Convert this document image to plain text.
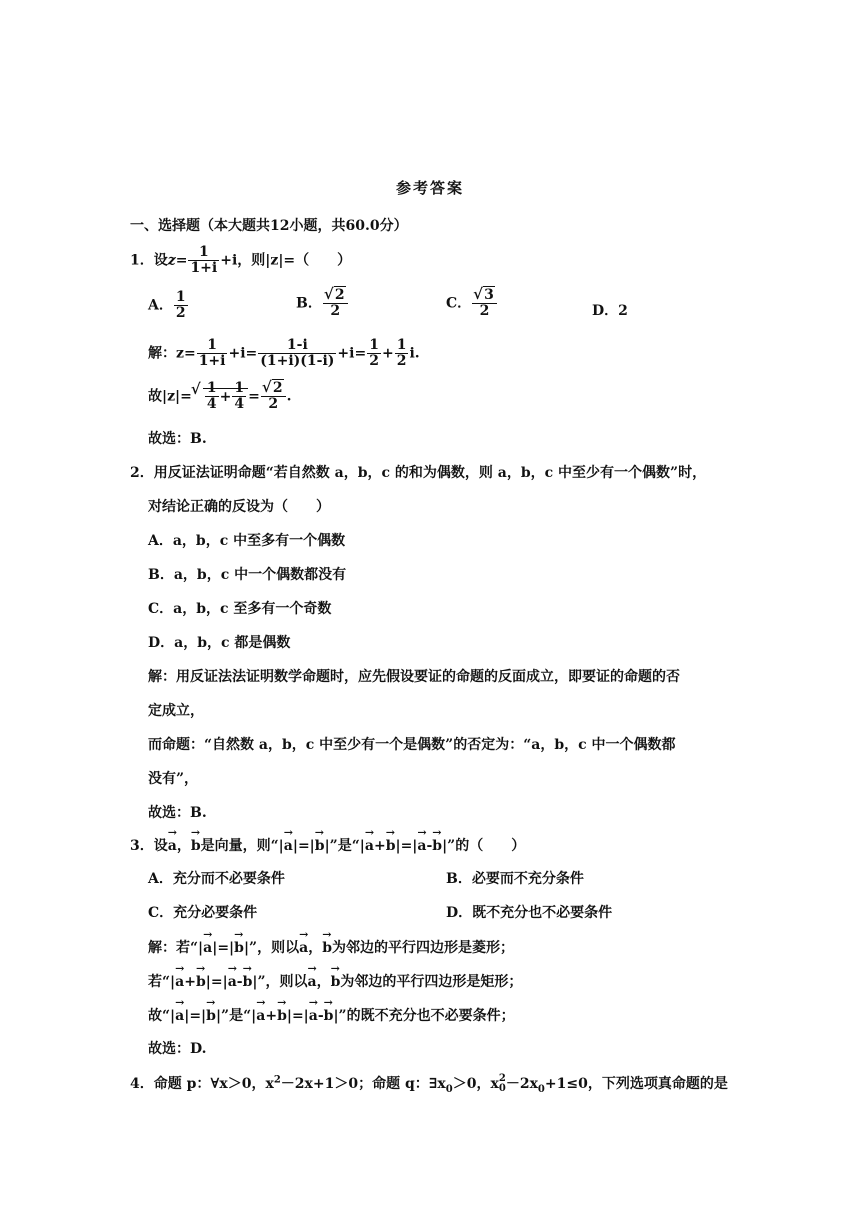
参考答案
一、选择题（本大题共12小题，共60.0分）
1．设$z= \frac{1}{1+i} +i$，则|z|=（　　）
A． $\frac{1}{2}$	B． √ $\frac{2}{2}$	C． √ $\frac{3}{2}$	D．2
解：$z= \frac{1}{1+i} +i= \frac{1-i}{(1+i)(1-i)} +i= \frac{1}{2} + \frac{1}{2} i$.
故|z|= √ $\frac{1}{4} + \frac{1}{4}$ = √ $\frac{2}{2}$ .
故选：B.
2．用反证法证明命题“若自然数 a，b，c 的和为偶数，则 a，b，c 中至少有一个偶数”时，
对结论正确的反设为（　　）
A．a，b，c 中至多有一个偶数
B．a，b，c 中一个偶数都没有
C．a，b，c 至多有一个奇数
D．a，b，c 都是偶数
解：用反证法法证明数学命题时，应先假设要证的命题的反面成立，即要证的命题的否
定成立，
而命题：“自然数 a，b，c 中至少有一个是偶数”的否定为：“a，b，c 中一个偶数都
没有”，
故选：B.
3．设a →，b →是向量，则“|a →|=|b →|”是“|a →+b →|=|a →-b →|”的（　　）
A．充分而不必要条件	B．必要而不充分条件
C．充分必要条件	D．既不充分也不必要条件
解：若“|a →|=|b →|”，则以a →，b →为邻边的平行四边形是菱形；
若“|a →+b →|=|a →-b →|”，则以a →，b →为邻边的平行四边形是矩形；
故“|a →|=|b →|”是“|a →+b →|=|a →-b →|”的既不充分也不必要条件；
故选：D.
4．命题 p：∀x＞0，$x^2-2x+1>0$；命题 q：$\exists x_0>0$，x 2
$0 -2x_0+1\le 0$，下列选项真命题的是
